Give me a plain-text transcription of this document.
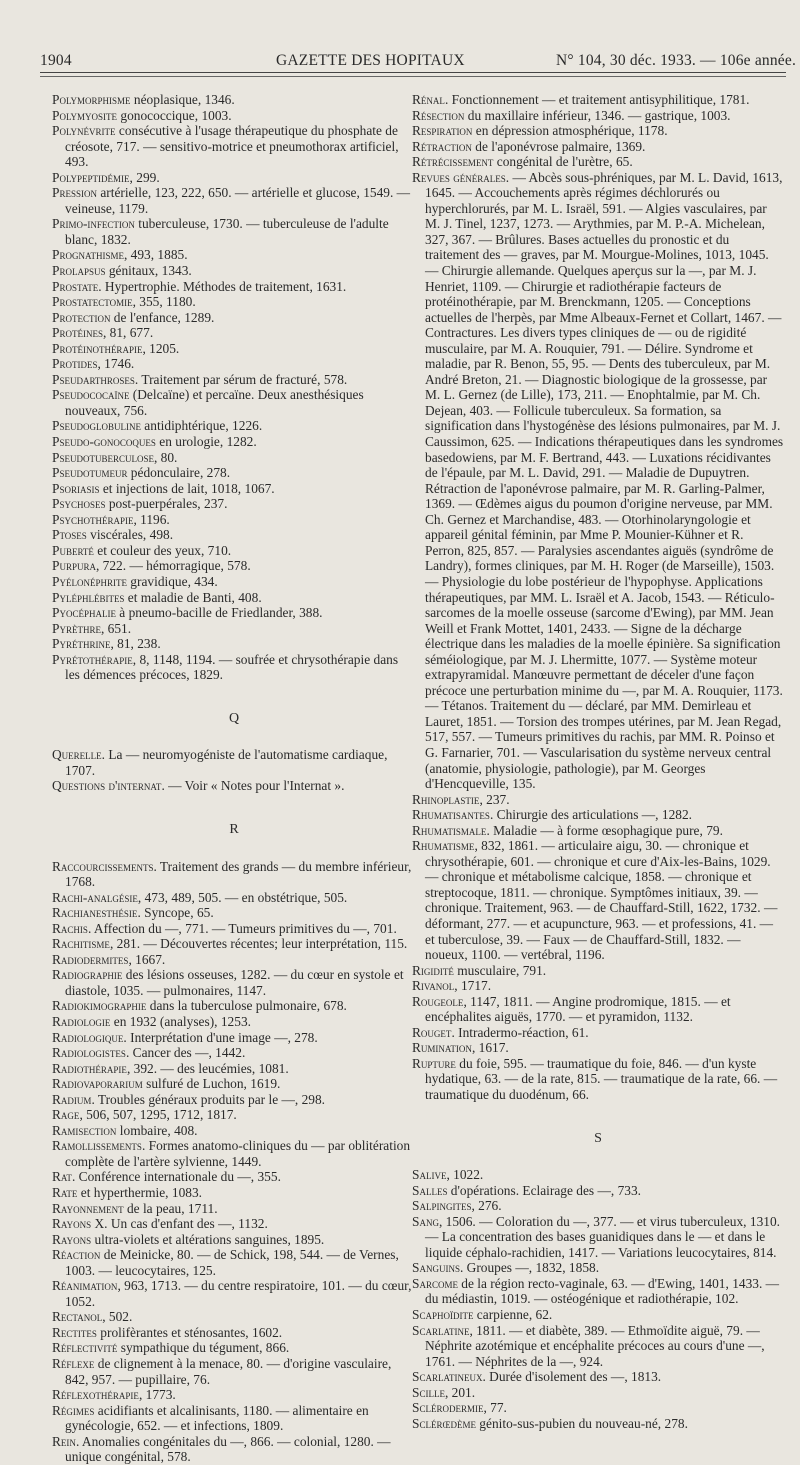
1904	GAZETTE DES HOPITAUX	N° 104, 30 déc. 1933. — 106e année.

Polymorphisme néoplasique, 1346.

Polymyosite gonococcique, 1003.

Polynévrite consécutive à l'usage thérapeutique du phosphate de créosote, 717. — sensitivo-motrice et pneumothorax artificiel, 493.

Polypeptidémie, 299.

Pression artérielle, 123, 222, 650. — artérielle et glucose, 1549. — veineuse, 1179.

Primo-infection tuberculeuse, 1730. — tuberculeuse de l'adulte blanc, 1832.

Prognathisme, 493, 1885.

Prolapsus génitaux, 1343.

Prostate. Hypertrophie. Méthodes de traitement, 1631.

Prostatectomie, 355, 1180.

Protection de l'enfance, 1289.

Protéines, 81, 677.

Protéinothérapie, 1205.

Protides, 1746.

Pseudarthroses. Traitement par sérum de fracturé, 578.

Pseudococaïne (Delcaïne) et percaïne. Deux anesthésiques nouveaux, 756.

Pseudoglobuline antidiphtérique, 1226.

Pseudo-gonocoques en urologie, 1282.

Pseudotuberculose, 80.

Pseudotumeur pédonculaire, 278.

Psoriasis et injections de lait, 1018, 1067.

Psychoses post-puerpérales, 237.

Psychothérapie, 1196.

Ptoses viscérales, 498.

Puberté et couleur des yeux, 710.

Purpura, 722. — hémorragique, 578.

Pyélonéphrite gravidique, 434.

Pyléphlébites et maladie de Banti, 408.

Pyocéphalie à pneumo-bacille de Friedlander, 388.

Pyrèthre, 651.

Pyréthrine, 81, 238.

Pyrétothérapie, 8, 1148, 1194. — soufrée et chrysothérapie dans les démences précoces, 1829.

Q

Querelle. La — neuromyogéniste de l'automatisme cardiaque, 1707.

Questions d'internat. — Voir « Notes pour l'Internat ».

R

Raccourcissements. Traitement des grands — du membre inférieur, 1768.

Rachi-analgésie, 473, 489, 505. — en obstétrique, 505.

Rachianesthésie. Syncope, 65.

Rachis. Affection du —, 771. — Tumeurs primitives du —, 701.

Rachitisme, 281. — Découvertes récentes; leur interprétation, 115.

Radiodermites, 1667.

Radiographie des lésions osseuses, 1282. — du cœur en systole et diastole, 1035. — pulmonaires, 1147.

Radiokimographie dans la tuberculose pulmonaire, 678.

Radiologie en 1932 (analyses), 1253.

Radiologique. Interprétation d'une image —, 278.

Radiologistes. Cancer des —, 1442.

Radiothérapie, 392. — des leucémies, 1081.

Radiovaporarium sulfuré de Luchon, 1619.

Radium. Troubles généraux produits par le —, 298.

Rage, 506, 507, 1295, 1712, 1817.

Ramisection lombaire, 408.

Ramollissements. Formes anatomo-cliniques du — par oblitération complète de l'artère sylvienne, 1449.

Rat. Conférence internationale du —, 355.

Rate et hyperthermie, 1083.

Rayonnement de la peau, 1711.

Rayons X. Un cas d'enfant des —, 1132.

Rayons ultra-violets et altérations sanguines, 1895.

Réaction de Meinicke, 80. — de Schick, 198, 544. — de Vernes, 1003. — leucocytaires, 125.

Réanimation, 963, 1713. — du centre respiratoire, 101. — du cœur, 1052.

Rectanol, 502.

Rectites prolifèrantes et sténosantes, 1602.

Réflectivité sympathique du tégument, 866.

Réflexe de clignement à la menace, 80. — d'origine vasculaire, 842, 957. — pupillaire, 76.

Réflexothérapie, 1773.

Régimes acidifiants et alcalinisants, 1180. — alimentaire en gynécologie, 652. — et infections, 1809.

Rein. Anomalies congénitales du —, 866. — colonial, 1280. — unique congénital, 578.

Rénal. Fonctionnement — et traitement antisyphilitique, 1781.

Résection du maxillaire inférieur, 1346. — gastrique, 1003.

Respiration en dépression atmosphérique, 1178.

Rétraction de l'aponévrose palmaire, 1369.

Rétrécissement congénital de l'urètre, 65.

Revues générales. — Abcès sous-phréniques, par M. L. David, 1613, 1645. — Accouchements après régimes déchlorurés ou hyperchlorurés, par M. L. Israël, 591. — Algies vasculaires, par M. J. Tinel, 1237, 1273. — Arythmies, par M. P.-A. Michelean, 327, 367. — Brûlures. Bases actuelles du pronostic et du traitement des — graves, par M. Mourgue-Molines, 1013, 1045. — Chirurgie allemande. Quelques aperçus sur la —, par M. J. Henriet, 1109. — Chirurgie et radiothérapie facteurs de protéinothérapie, par M. Brenckmann, 1205. — Conceptions actuelles de l'herpès, par Mme Albeaux-Fernet et Collart, 1467. — Contractures. Les divers types cliniques de — ou de rigidité musculaire, par M. A. Rouquier, 791. — Délire. Syndrome et maladie, par R. Benon, 55, 95. — Dents des tuberculeux, par M. André Breton, 21. — Diagnostic biologique de la grossesse, par M. L. Gernez (de Lille), 173, 211. — Enophtalmie, par M. Ch. Dejean, 403. — Follicule tuberculeux. Sa formation, sa signification dans l'hystogénèse des lésions pulmonaires, par M. J. Caussimon, 625. — Indications thérapeutiques dans les syndromes basedowiens, par M. F. Bertrand, 443. — Luxations récidivantes de l'épaule, par M. L. David, 291. — Maladie de Dupuytren. Rétraction de l'aponévrose palmaire, par M. R. Garling-Palmer, 1369. — Œdèmes aigus du poumon d'origine nerveuse, par MM. Ch. Gernez et Marchandise, 483. — Otorhinolaryngologie et appareil génital féminin, par Mme P. Mounier-Kühner et R. Perron, 825, 857. — Paralysies ascendantes aiguës (syndrôme de Landry), formes cliniques, par M. H. Roger (de Marseille), 1503. — Physiologie du lobe postérieur de l'hypophyse. Applications thérapeutiques, par MM. L. Israël et A. Jacob, 1543. — Réticulo-sarcomes de la moelle osseuse (sarcome d'Ewing), par MM. Jean Weill et Frank Mottet, 1401, 2433. — Signe de la décharge électrique dans les maladies de la moelle épinière. Sa signification séméiologique, par M. J. Lhermitte, 1077. — Système moteur extrapyramidal. Manœuvre permettant de déceler d'une façon précoce une perturbation minime du —, par M. A. Rouquier, 1173. — Tétanos. Traitement du — déclaré, par MM. Demirleau et Lauret, 1851. — Torsion des trompes utérines, par M. Jean Regad, 517, 557. — Tumeurs primitives du rachis, par MM. R. Poinso et G. Farnarier, 701. — Vascularisation du système nerveux central (anatomie, physiologie, pathologie), par M. Georges d'Hencqueville, 135.

Rhinoplastie, 237.

Rhumatisantes. Chirurgie des articulations —, 1282.

Rhumatismale. Maladie — à forme œsophagique pure, 79.

Rhumatisme, 832, 1861. — articulaire aigu, 30. — chronique et chrysothérapie, 601. — chronique et cure d'Aix-les-Bains, 1029. — chronique et métabolisme calcique, 1858. — chronique et streptocoque, 1811. — chronique. Symptômes initiaux, 39. — chronique. Traitement, 963. — de Chauffard-Still, 1622, 1732. — déformant, 277. — et acupuncture, 963. — et professions, 41. — et tuberculose, 39. — Faux — de Chauffard-Still, 1832. — noueux, 1100. — vertébral, 1196.

Rigidité musculaire, 791.

Rivanol, 1717.

Rougeole, 1147, 1811. — Angine prodromique, 1815. — et encéphalites aiguës, 1770. — et pyramidon, 1132.

Rouget. Intradermo-réaction, 61.

Rumination, 1617.

Rupture du foie, 595. — traumatique du foie, 846. — d'un kyste hydatique, 63. — de la rate, 815. — traumatique de la rate, 66. — traumatique du duodénum, 66.

S

Salive, 1022.

Salles d'opérations. Eclairage des —, 733.

Salpingites, 276.

Sang, 1506. — Coloration du —, 377. — et virus tuberculeux, 1310. — La concentration des bases guanidiques dans le — et dans le liquide céphalo-rachidien, 1417. — Variations leucocytaires, 814.

Sanguins. Groupes —, 1832, 1858.

Sarcome de la région recto-vaginale, 63. — d'Ewing, 1401, 1433. — du médiastin, 1019. — ostéogénique et radiothérapie, 102.

Scaphoïdite carpienne, 62.

Scarlatine, 1811. — et diabète, 389. — Ethmoïdite aiguë, 79. — Néphrite azotémique et encéphalite précoces au cours d'une —, 1761. — Néphrites de la —, 924.

Scarlatineux. Durée d'isolement des —, 1813.

Scille, 201.

Sclérodermie, 77.

Sclérœdème génito-sus-pubien du nouveau-né, 278.
